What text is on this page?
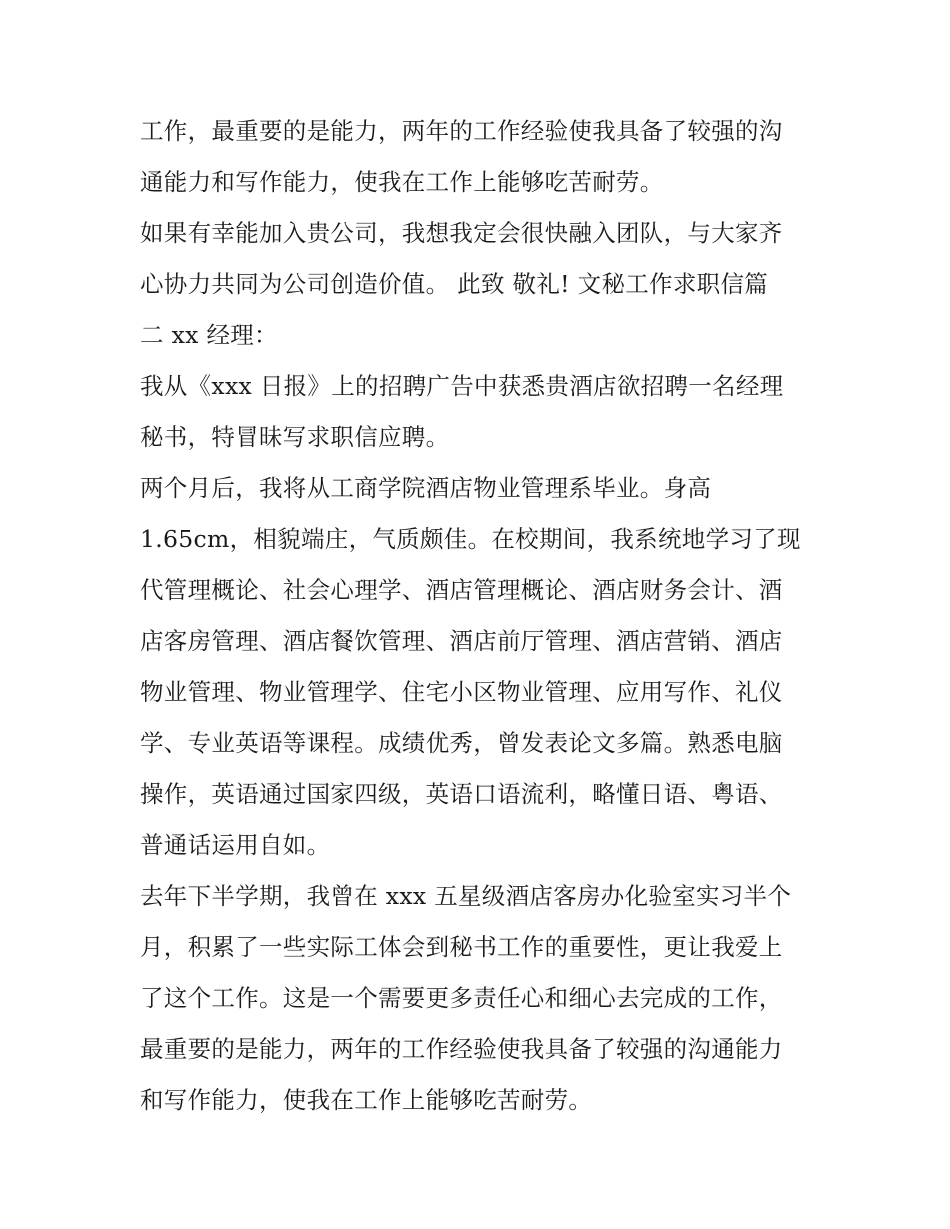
工作，最重要的是能力，两年的工作经验使我具备了较强的沟
通能力和写作能力，使我在工作上能够吃苦耐劳。
如果有幸能加入贵公司，我想我定会很快融入团队，与大家齐
心协力共同为公司创造价值。 此致 敬礼! 文秘工作求职信篇
二 xx 经理：
我从《xxx 日报》上的招聘广告中获悉贵酒店欲招聘一名经理
秘书，特冒昧写求职信应聘。
两个月后，我将从工商学院酒店物业管理系毕业。身高
1.65cm，相貌端庄，气质颇佳。在校期间，我系统地学习了现
代管理概论、社会心理学、酒店管理概论、酒店财务会计、酒
店客房管理、酒店餐饮管理、酒店前厅管理、酒店营销、酒店
物业管理、物业管理学、住宅小区物业管理、应用写作、礼仪
学、专业英语等课程。成绩优秀，曾发表论文多篇。熟悉电脑
操作，英语通过国家四级，英语口语流利，略懂日语、粤语、
普通话运用自如。
去年下半学期，我曾在 xxx 五星级酒店客房办化验室实习半个
月，积累了一些实际工体会到秘书工作的重要性，更让我爱上
了这个工作。这是一个需要更多责任心和细心去完成的工作，
最重要的是能力，两年的工作经验使我具备了较强的沟通能力
和写作能力，使我在工作上能够吃苦耐劳。
